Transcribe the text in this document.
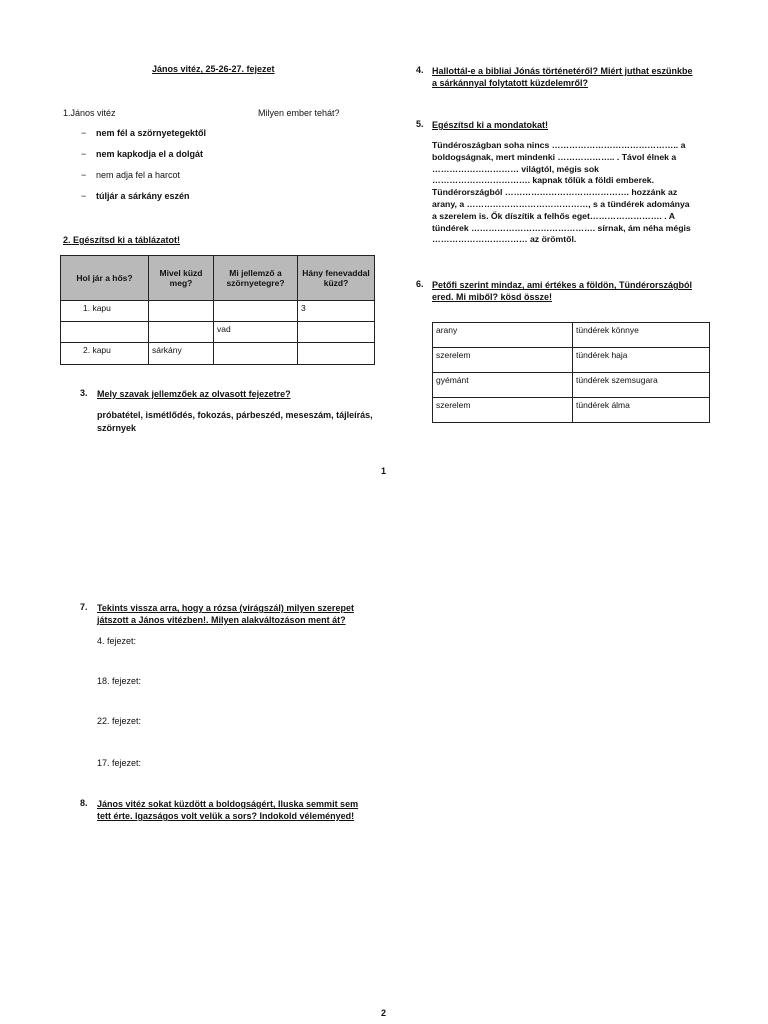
János vitéz, 25-26-27. fejezet
1.János vitéz	Milyen ember tehát?
− nem fél a szörnyetegektől
− nem kapkodja el a dolgát
− nem adja fel a harcot
− túljár a sárkány eszén
2. Egészítsd ki a táblázatot!
Hol jár a hős?	Mivel küzd meg?	Mi jellemző a szörnyetegre?	Hány fenevaddal küzd?
1. kapu			3
		vad	
2. kapu	sárkány		
3. Mely szavak jellemzőek az olvasott fejezetre?
próbatétel, ismétlődés, fokozás, párbeszéd, meseszám, tájleírás,
szörnyek
4. Hallottál-e a bibliai Jónás történetéről? Miért juthat eszünkbe
a sárkánnyal folytatott küzdelemről?
5. Egészítsd ki a mondatokat!
Tündéroszágban soha nincs …………………………………….. a
boldogságnak, mert mindenki ……………….. . Távol élnek a
………………………… világtól, mégis sok
……………………………. kapnak tőlük a földi emberek.
Tündérországból ……………………………………. hozzánk az
arany, a ……………………………………, s a tündérek adománya
a szerelem is. Ők díszítik a felhős eget……………………. . A
tündérek ……………………………………. sírnak, ám néha mégis
…………………………… az örömtől.
6. Petőfi szerint mindaz, ami értékes a földön, Tündérországból
ered. Mi miből? kösd össze!
arany	tündérek könnye
szerelem	tündérek haja
gyémánt	tündérek szemsugara
szerelem	tündérek álma
1
7. Tekints vissza arra, hogy a rózsa (virágszál) milyen szerepet
játszott a János vitézben!. Milyen alakváltozáson ment át?
4. fejezet:
18. fejezet:
22. fejezet:
17. fejezet:
8. János vitéz sokat küzdött a boldogságért, Iluska semmit sem
tett érte. Igazságos volt velük a sors? Indokold véleményed!
2
